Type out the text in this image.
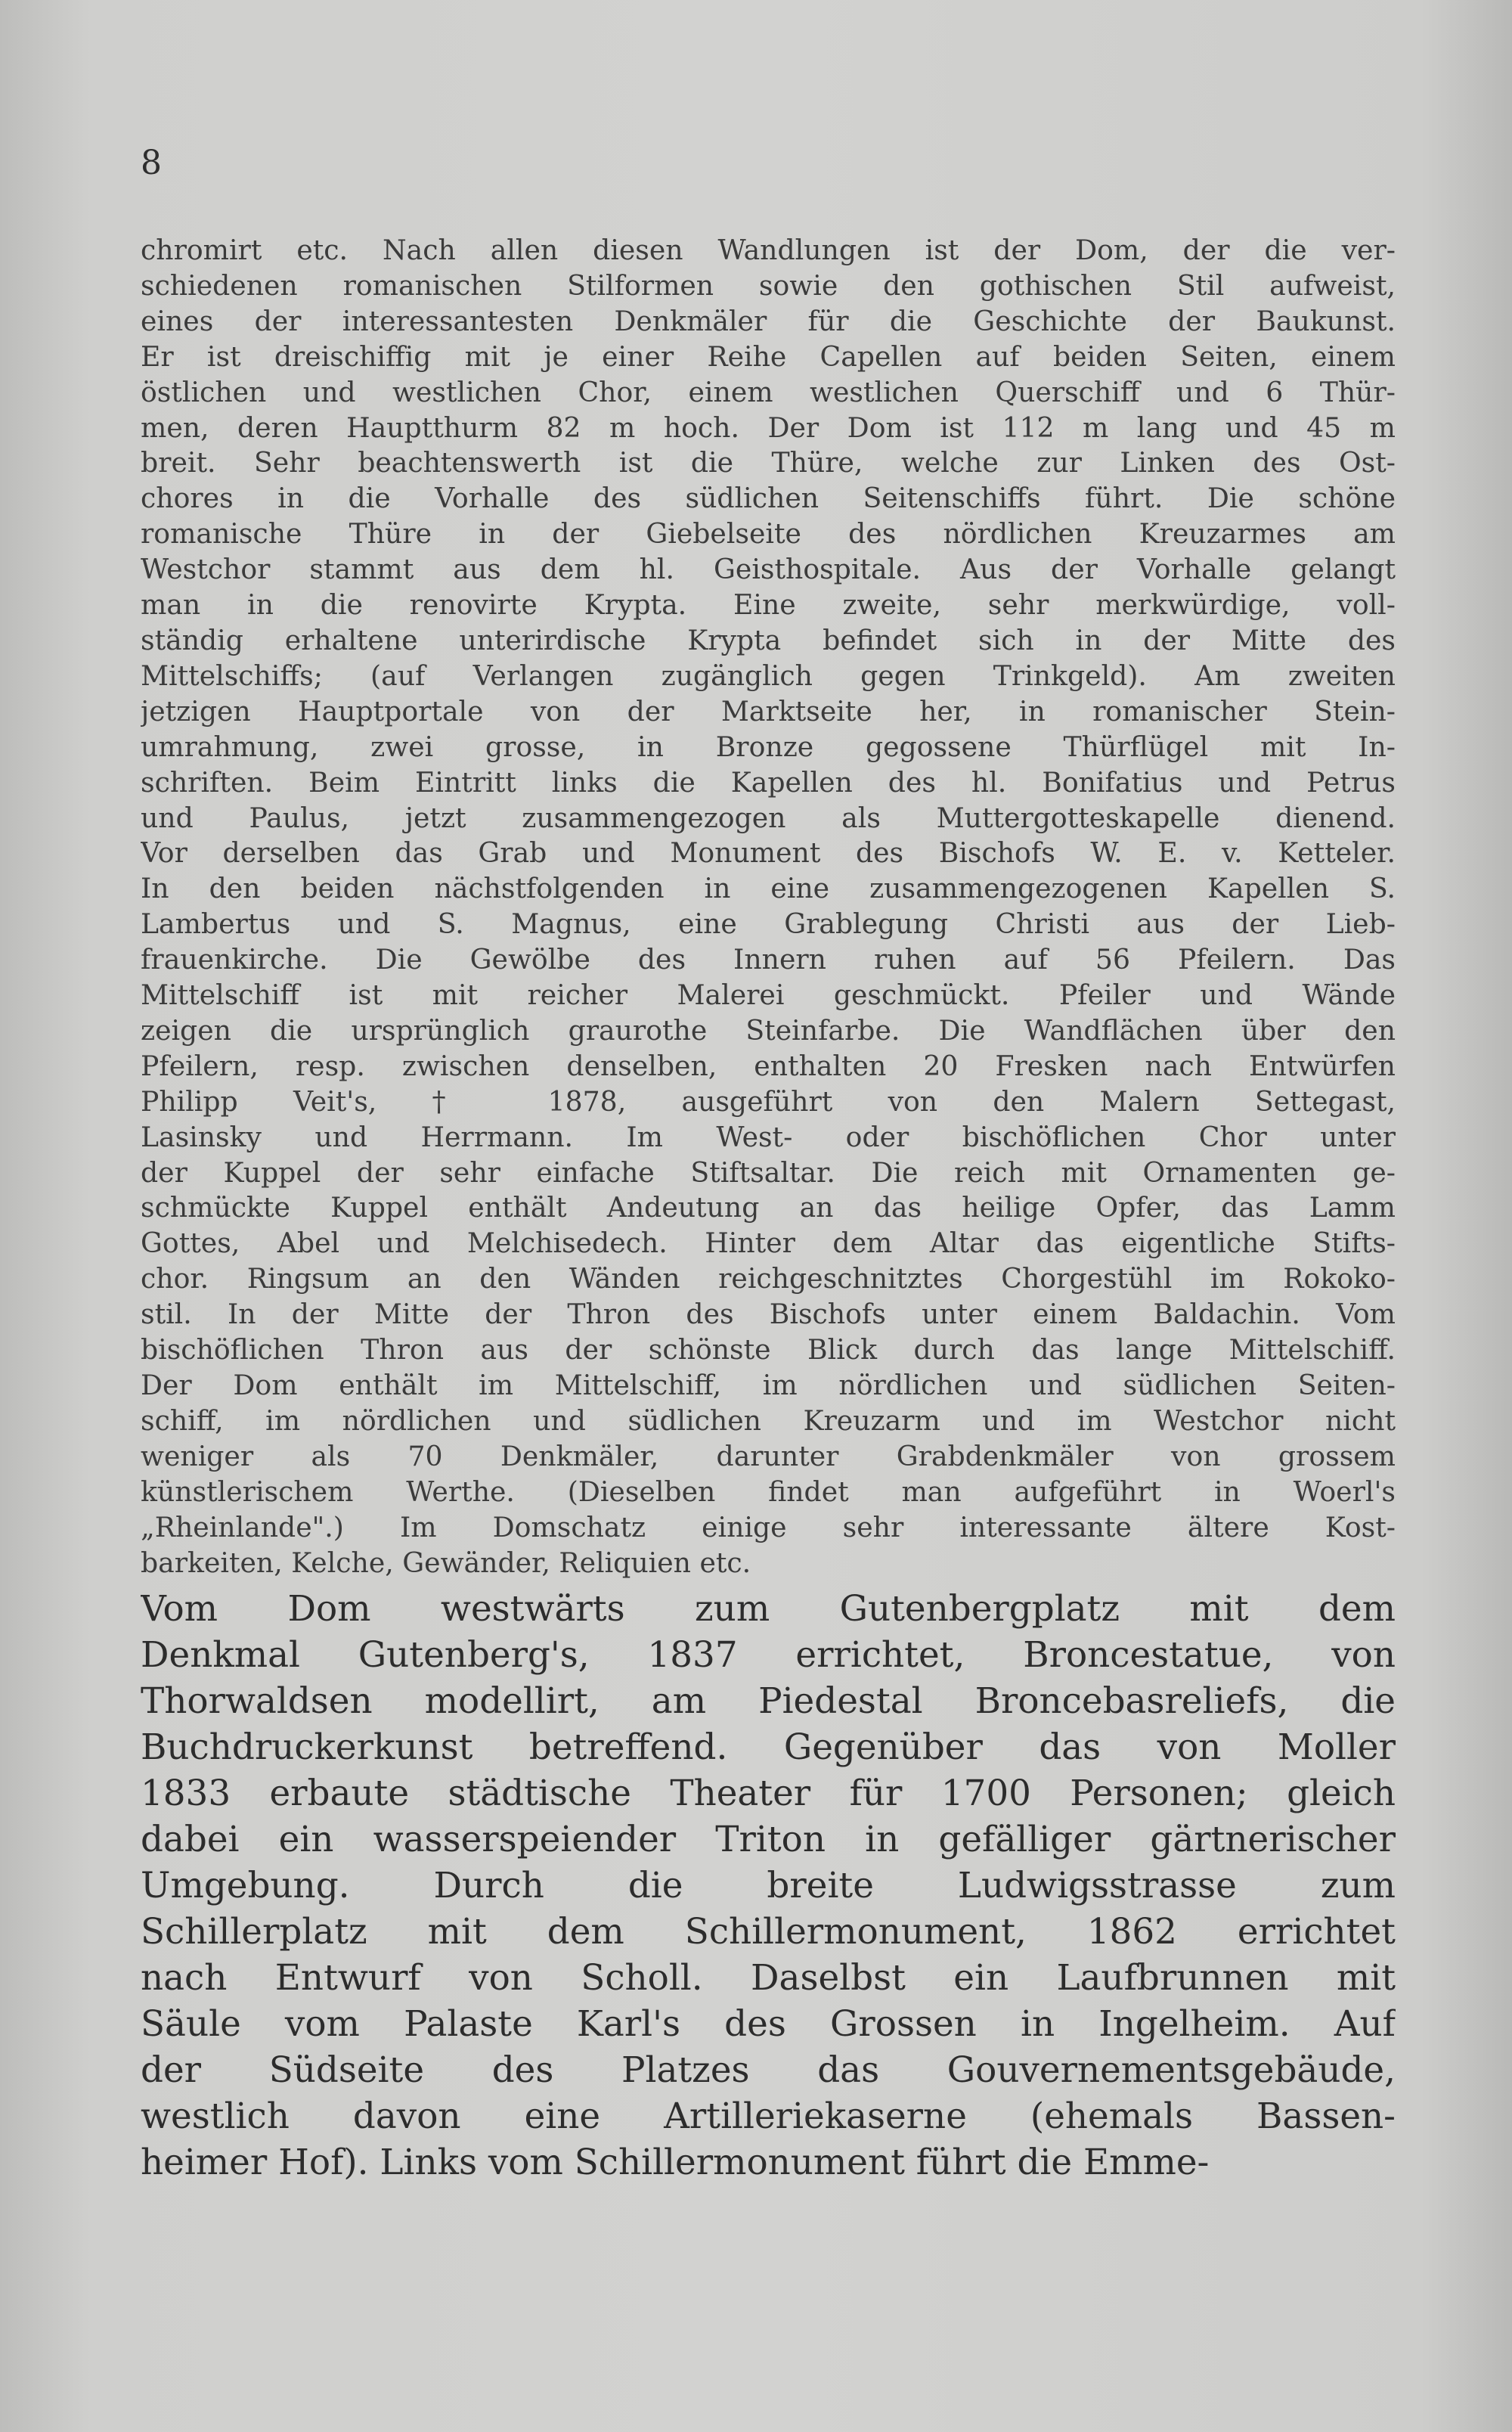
8
chromirt etc. Nach allen diesen Wandlungen ist der Dom, der die ver-
schiedenen romanischen Stilformen sowie den gothischen Stil aufweist,
eines der interessantesten Denkmäler für die Geschichte der Baukunst.
Er ist dreischiffig mit je einer Reihe Capellen auf beiden Seiten, einem
östlichen und westlichen Chor, einem westlichen Querschiff und 6 Thür-
men, deren Hauptthurm 82 m hoch. Der Dom ist 112 m lang und 45 m
breit. Sehr beachtenswerth ist die Thüre, welche zur Linken des Ost-
chores in die Vorhalle des südlichen Seitenschiffs führt. Die schöne
romanische Thüre in der Giebelseite des nördlichen Kreuzarmes am
Westchor stammt aus dem hl. Geisthospitale. Aus der Vorhalle gelangt
man in die renovirte Krypta. Eine zweite, sehr merkwürdige, voll-
ständig erhaltene unterirdische Krypta befindet sich in der Mitte des
Mittelschiffs; (auf Verlangen zugänglich gegen Trinkgeld). Am zweiten
jetzigen Hauptportale von der Marktseite her, in romanischer Stein-
umrahmung, zwei grosse, in Bronze gegossene Thürflügel mit In-
schriften. Beim Eintritt links die Kapellen des hl. Bonifatius und Petrus
und Paulus, jetzt zusammengezogen als Muttergotteskapelle dienend.
Vor derselben das Grab und Monument des Bischofs W. E. v. Ketteler.
In den beiden nächstfolgenden in eine zusammengezogenen Kapellen S.
Lambertus und S. Magnus, eine Grablegung Christi aus der Lieb-
frauenkirche. Die Gewölbe des Innern ruhen auf 56 Pfeilern. Das
Mittelschiff ist mit reicher Malerei geschmückt. Pfeiler und Wände
zeigen die ursprünglich graurothe Steinfarbe. Die Wandflächen über den
Pfeilern, resp. zwischen denselben, enthalten 20 Fresken nach Entwürfen
Philipp Veit's, † 1878, ausgeführt von den Malern Settegast,
Lasinsky und Herrmann. Im West- oder bischöflichen Chor unter
der Kuppel der sehr einfache Stiftsaltar. Die reich mit Ornamenten ge-
schmückte Kuppel enthält Andeutung an das heilige Opfer, das Lamm
Gottes, Abel und Melchisedech. Hinter dem Altar das eigentliche Stifts-
chor. Ringsum an den Wänden reichgeschnitztes Chorgestühl im Rokoko-
stil. In der Mitte der Thron des Bischofs unter einem Baldachin. Vom
bischöflichen Thron aus der schönste Blick durch das lange Mittelschiff.
Der Dom enthält im Mittelschiff, im nördlichen und südlichen Seiten-
schiff, im nördlichen und südlichen Kreuzarm und im Westchor nicht
weniger als 70 Denkmäler, darunter Grabdenkmäler von grossem
künstlerischem Werthe. (Dieselben findet man aufgeführt in Woerl's
„Rheinlande".) Im Domschatz einige sehr interessante ältere Kost-
barkeiten, Kelche, Gewänder, Reliquien etc.
Vom Dom westwärts zum Gutenbergplatz mit dem
Denkmal Gutenberg's, 1837 errichtet, Broncestatue, von
Thorwaldsen modellirt, am Piedestal Broncebasreliefs, die
Buchdruckerkunst betreffend. Gegenüber das von Moller
1833 erbaute städtische Theater für 1700 Personen; gleich
dabei ein wasserspeiender Triton in gefälliger gärtnerischer
Umgebung. Durch die breite Ludwigsstrasse zum
Schillerplatz mit dem Schillermonument, 1862 errichtet
nach Entwurf von Scholl. Daselbst ein Laufbrunnen mit
Säule vom Palaste Karl's des Grossen in Ingelheim. Auf
der Südseite des Platzes das Gouvernementsgebäude,
westlich davon eine Artilleriekaserne (ehemals Bassen-
heimer Hof). Links vom Schillermonument führt die Emme-
